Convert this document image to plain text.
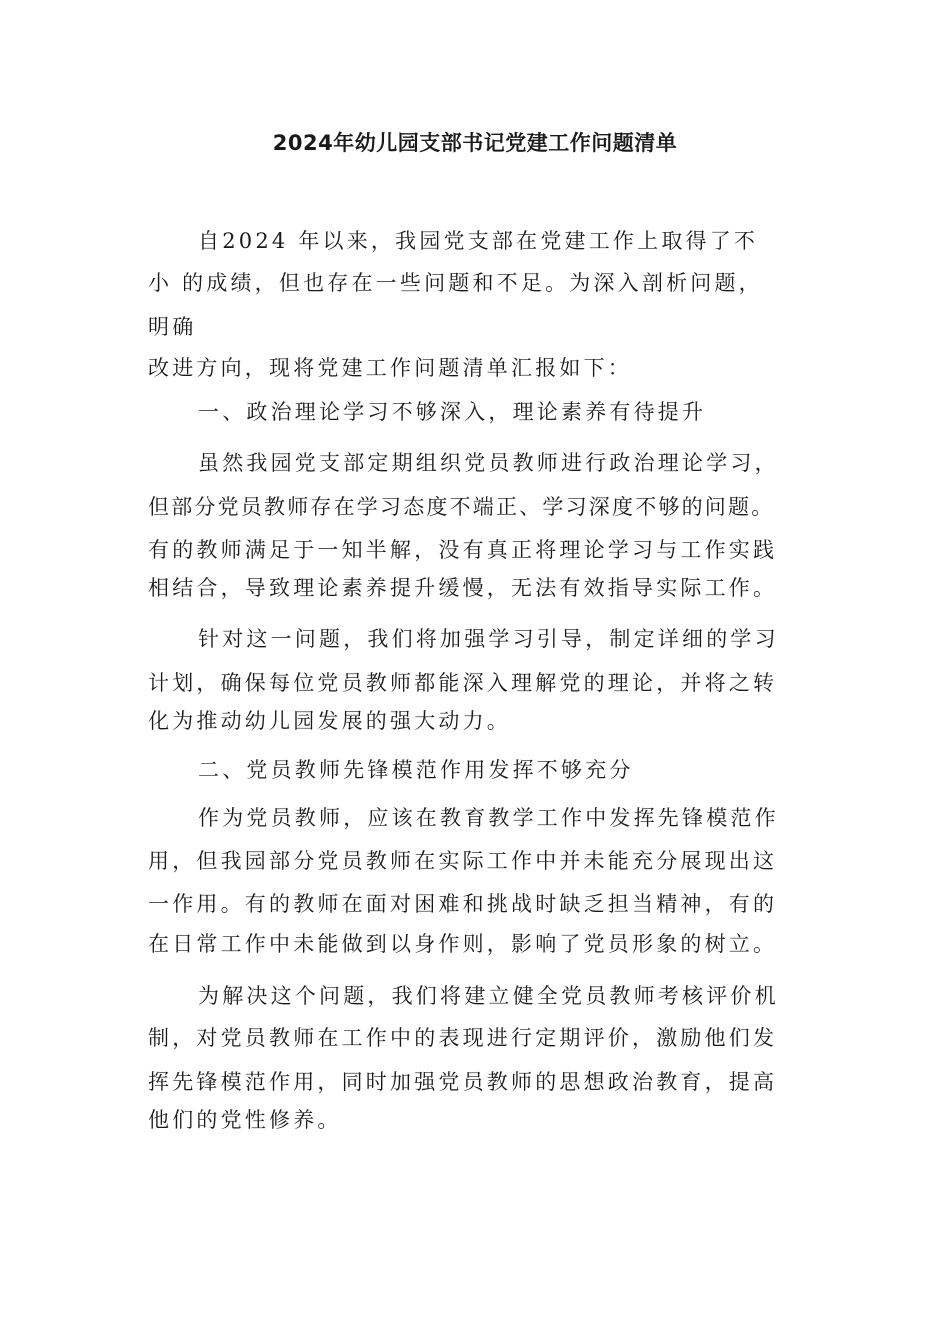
2024年幼儿园支部书记党建工作问题清单
自2024 年以来，我园党支部在党建工作上取得了不
小 的成绩，但也存在一些问题和不足。为深入剖析问题，
明确
改进方向，现将党建工作问题清单汇报如下：
一、政治理论学习不够深入，理论素养有待提升
虽然我园党支部定期组织党员教师进行政治理论学习，
但部分党员教师存在学习态度不端正、学习深度不够的问题。
有的教师满足于一知半解，没有真正将理论学习与工作实践
相结合，导致理论素养提升缓慢，无法有效指导实际工作。
针对这一问题，我们将加强学习引导，制定详细的学习
计划，确保每位党员教师都能深入理解党的理论，并将之转
化为推动幼儿园发展的强大动力。
二、党员教师先锋模范作用发挥不够充分
作为党员教师，应该在教育教学工作中发挥先锋模范作
用，但我园部分党员教师在实际工作中并未能充分展现出这
一作用。有的教师在面对困难和挑战时缺乏担当精神，有的
在日常工作中未能做到以身作则，影响了党员形象的树立。
为解决这个问题，我们将建立健全党员教师考核评价机
制，对党员教师在工作中的表现进行定期评价，激励他们发
挥先锋模范作用，同时加强党员教师的思想政治教育，提高
他们的党性修养。
